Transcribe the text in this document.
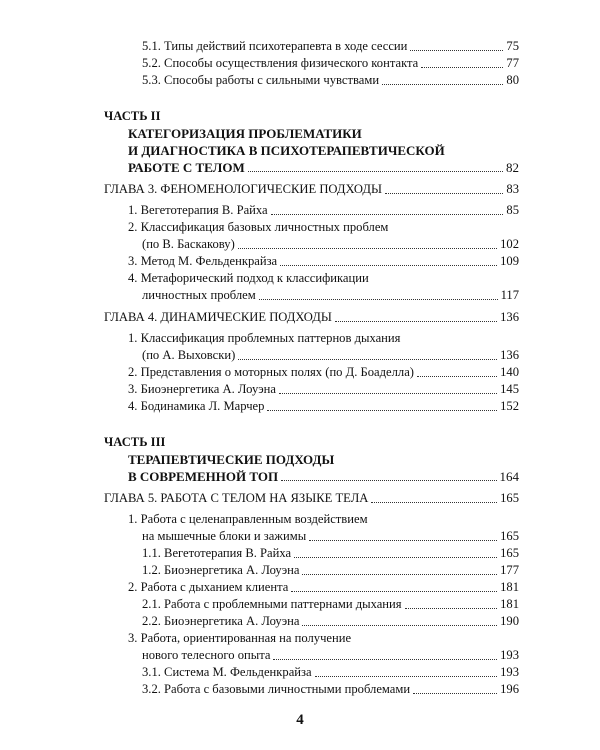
5.1. Типы действий психотерапевта в ходе сессии	75
5.2. Способы осуществления физического контакта	77
5.3. Способы работы с сильными чувствами	80
ЧАСТЬ II
КАТЕГОРИЗАЦИЯ ПРОБЛЕМАТИКИ
И ДИАГНОСТИКА В ПСИХОТЕРАПЕВТИЧЕСКОЙ
РАБОТЕ С ТЕЛОМ	82
ГЛАВА 3. ФЕНОМЕНОЛОГИЧЕСКИЕ ПОДХОДЫ	83
1. Вегетотерапия В. Райха	85
2. Классификация базовых личностных проблем
(по В. Баскакову)	102
3. Метод М. Фельденкрайза	109
4. Метафорический подход к классификации
личностных проблем	117
ГЛАВА 4. ДИНАМИЧЕСКИЕ ПОДХОДЫ	136
1. Классификация проблемных паттернов дыхания
(по А. Выховски)	136
2. Представления о моторных полях (по Д. Боаделла)	140
3. Биоэнергетика А. Лоуэна	145
4. Бодинамика Л. Марчер	152
ЧАСТЬ III
ТЕРАПЕВТИЧЕСКИЕ ПОДХОДЫ
В СОВРЕМЕННОЙ ТОП	164
ГЛАВА 5. РАБОТА С ТЕЛОМ НА ЯЗЫКЕ ТЕЛА	165
1. Работа с целенаправленным воздействием
на мышечные блоки и зажимы	165
1.1. Вегетотерапия В. Райха	165
1.2. Биоэнергетика А. Лоуэна	177
2. Работа с дыханием клиента	181
2.1. Работа с проблемными паттернами дыхания	181
2.2. Биоэнергетика А. Лоуэна	190
3. Работа, ориентированная на получение
нового телесного опыта	193
3.1. Система М. Фельденкрайза	193
3.2. Работа с базовыми личностными проблемами	196
4
